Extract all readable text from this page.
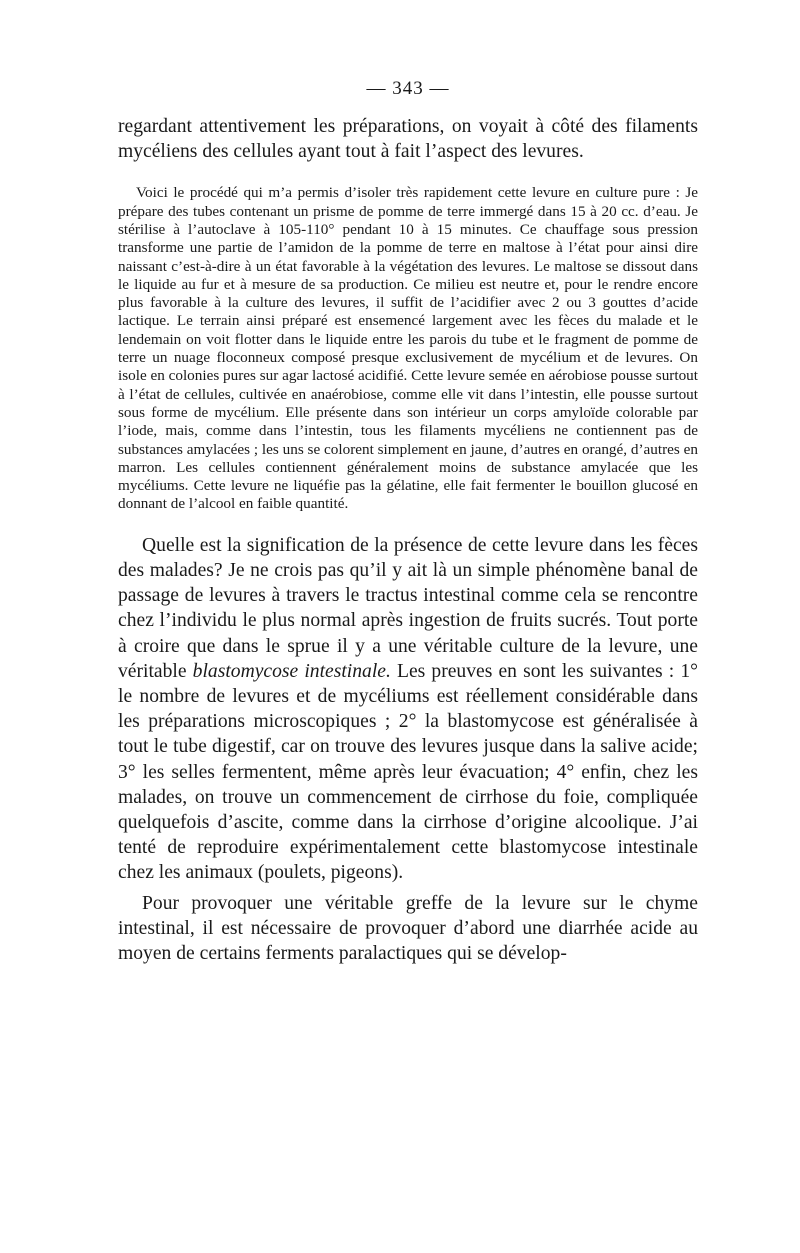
— 343 —

regardant attentivement les préparations, on voyait à côté des filaments mycéliens des cellules ayant tout à fait l’aspect des levures.

Voici le procédé qui m’a permis d’isoler très rapidement cette levure en culture pure : Je prépare des tubes contenant un prisme de pomme de terre immergé dans 15 à 20 cc. d’eau. Je stérilise à l’autoclave à 105-110° pendant 10 à 15 minutes. Ce chauffage sous pression transforme une partie de l’amidon de la pomme de terre en maltose à l’état pour ainsi dire naissant c’est-à-dire à un état favorable à la végétation des levures. Le maltose se dissout dans le liquide au fur et à mesure de sa production. Ce milieu est neutre et, pour le rendre encore plus favorable à la culture des levures, il suffit de l’acidifier avec 2 ou 3 gouttes d’acide lactique. Le terrain ainsi préparé est ensemencé largement avec les fèces du malade et le lendemain on voit flotter dans le liquide entre les parois du tube et le fragment de pomme de terre un nuage floconneux composé presque exclusivement de mycélium et de levures. On isole en colonies pures sur agar lactosé acidifié. Cette levure semée en aérobiose pousse surtout à l’état de cellules, cultivée en anaérobiose, comme elle vit dans l’intestin, elle pousse surtout sous forme de mycélium. Elle présente dans son intérieur un corps amyloïde colorable par l’iode, mais, comme dans l’intestin, tous les filaments mycéliens ne contiennent pas de substances amylacées ; les uns se colorent simplement en jaune, d’autres en orangé, d’autres en marron. Les cellules contiennent généralement moins de substance amylacée que les mycéliums. Cette levure ne liquéfie pas la gélatine, elle fait fermenter le bouillon glucosé en donnant de l’alcool en faible quantité.

Quelle est la signification de la présence de cette levure dans les fèces des malades? Je ne crois pas qu’il y ait là un simple phénomène banal de passage de levures à travers le tractus intestinal comme cela se rencontre chez l’individu le plus normal après ingestion de fruits sucrés. Tout porte à croire que dans le sprue il y a une véritable culture de la levure, une véritable blastomycose intestinale. Les preuves en sont les suivantes : 1° le nombre de levures et de mycéliums est réellement considérable dans les préparations microscopiques ; 2° la blastomycose est généralisée à tout le tube digestif, car on trouve des levures jusque dans la salive acide; 3° les selles fermentent, même après leur évacuation; 4° enfin, chez les malades, on trouve un commencement de cirrhose du foie, compliquée quelquefois d’ascite, comme dans la cirrhose d’origine alcoolique. J’ai tenté de reproduire expérimentalement cette blastomycose intestinale chez les animaux (poulets, pigeons).

Pour provoquer une véritable greffe de la levure sur le chyme intestinal, il est nécessaire de provoquer d’abord une diarrhée acide au moyen de certains ferments paralactiques qui se dévelop-
